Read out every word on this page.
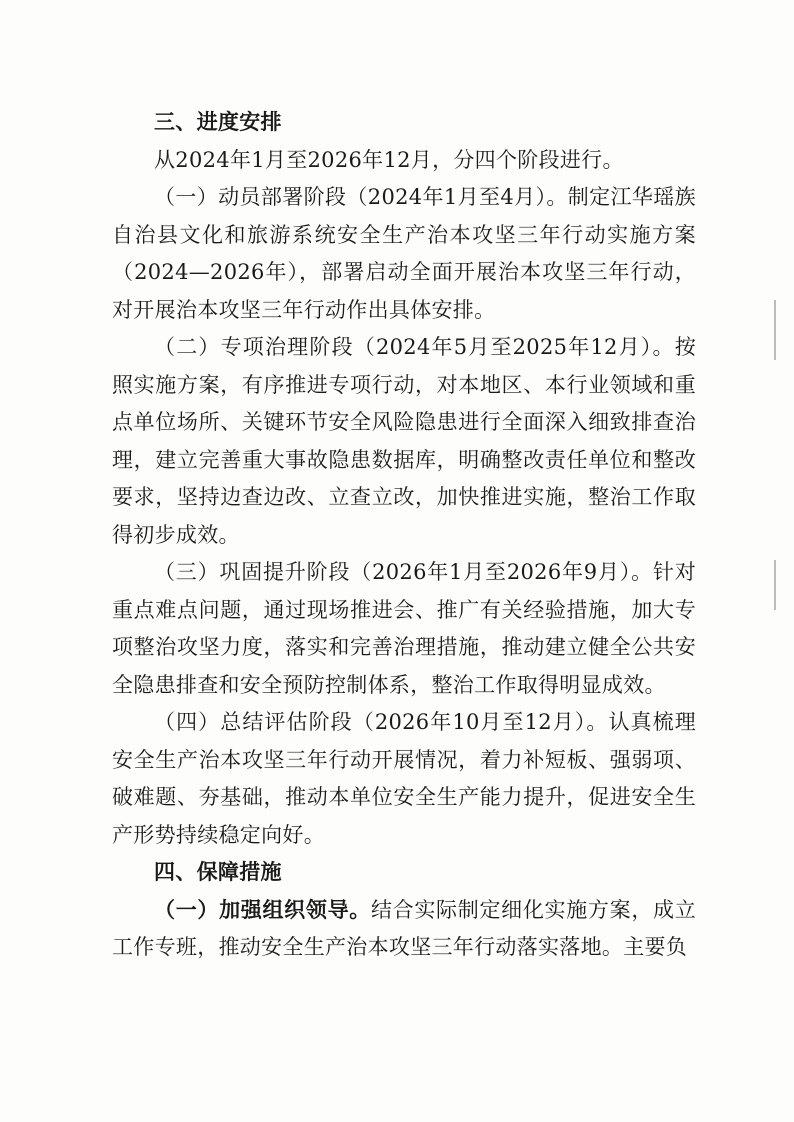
三、进度安排

从2024年1月至2026年12月，分四个阶段进行。

（一）动员部署阶段（2024年1月至4月）。制定江华瑶族自治县文化和旅游系统安全生产治本攻坚三年行动实施方案（2024—2026年），部署启动全面开展治本攻坚三年行动，对开展治本攻坚三年行动作出具体安排。

（二）专项治理阶段（2024年5月至2025年12月）。按照实施方案，有序推进专项行动，对本地区、本行业领域和重点单位场所、关键环节安全风险隐患进行全面深入细致排查治理，建立完善重大事故隐患数据库，明确整改责任单位和整改要求，坚持边查边改、立查立改，加快推进实施，整治工作取得初步成效。

（三）巩固提升阶段（2026年1月至2026年9月）。针对重点难点问题，通过现场推进会、推广有关经验措施，加大专项整治攻坚力度，落实和完善治理措施，推动建立健全公共安全隐患排查和安全预防控制体系，整治工作取得明显成效。

（四）总结评估阶段（2026年10月至12月）。认真梳理安全生产治本攻坚三年行动开展情况，着力补短板、强弱项、破难题、夯基础，推动本单位安全生产能力提升，促进安全生产形势持续稳定向好。

四、保障措施

（一）加强组织领导。结合实际制定细化实施方案，成立工作专班，推动安全生产治本攻坚三年行动落实落地。主要负
